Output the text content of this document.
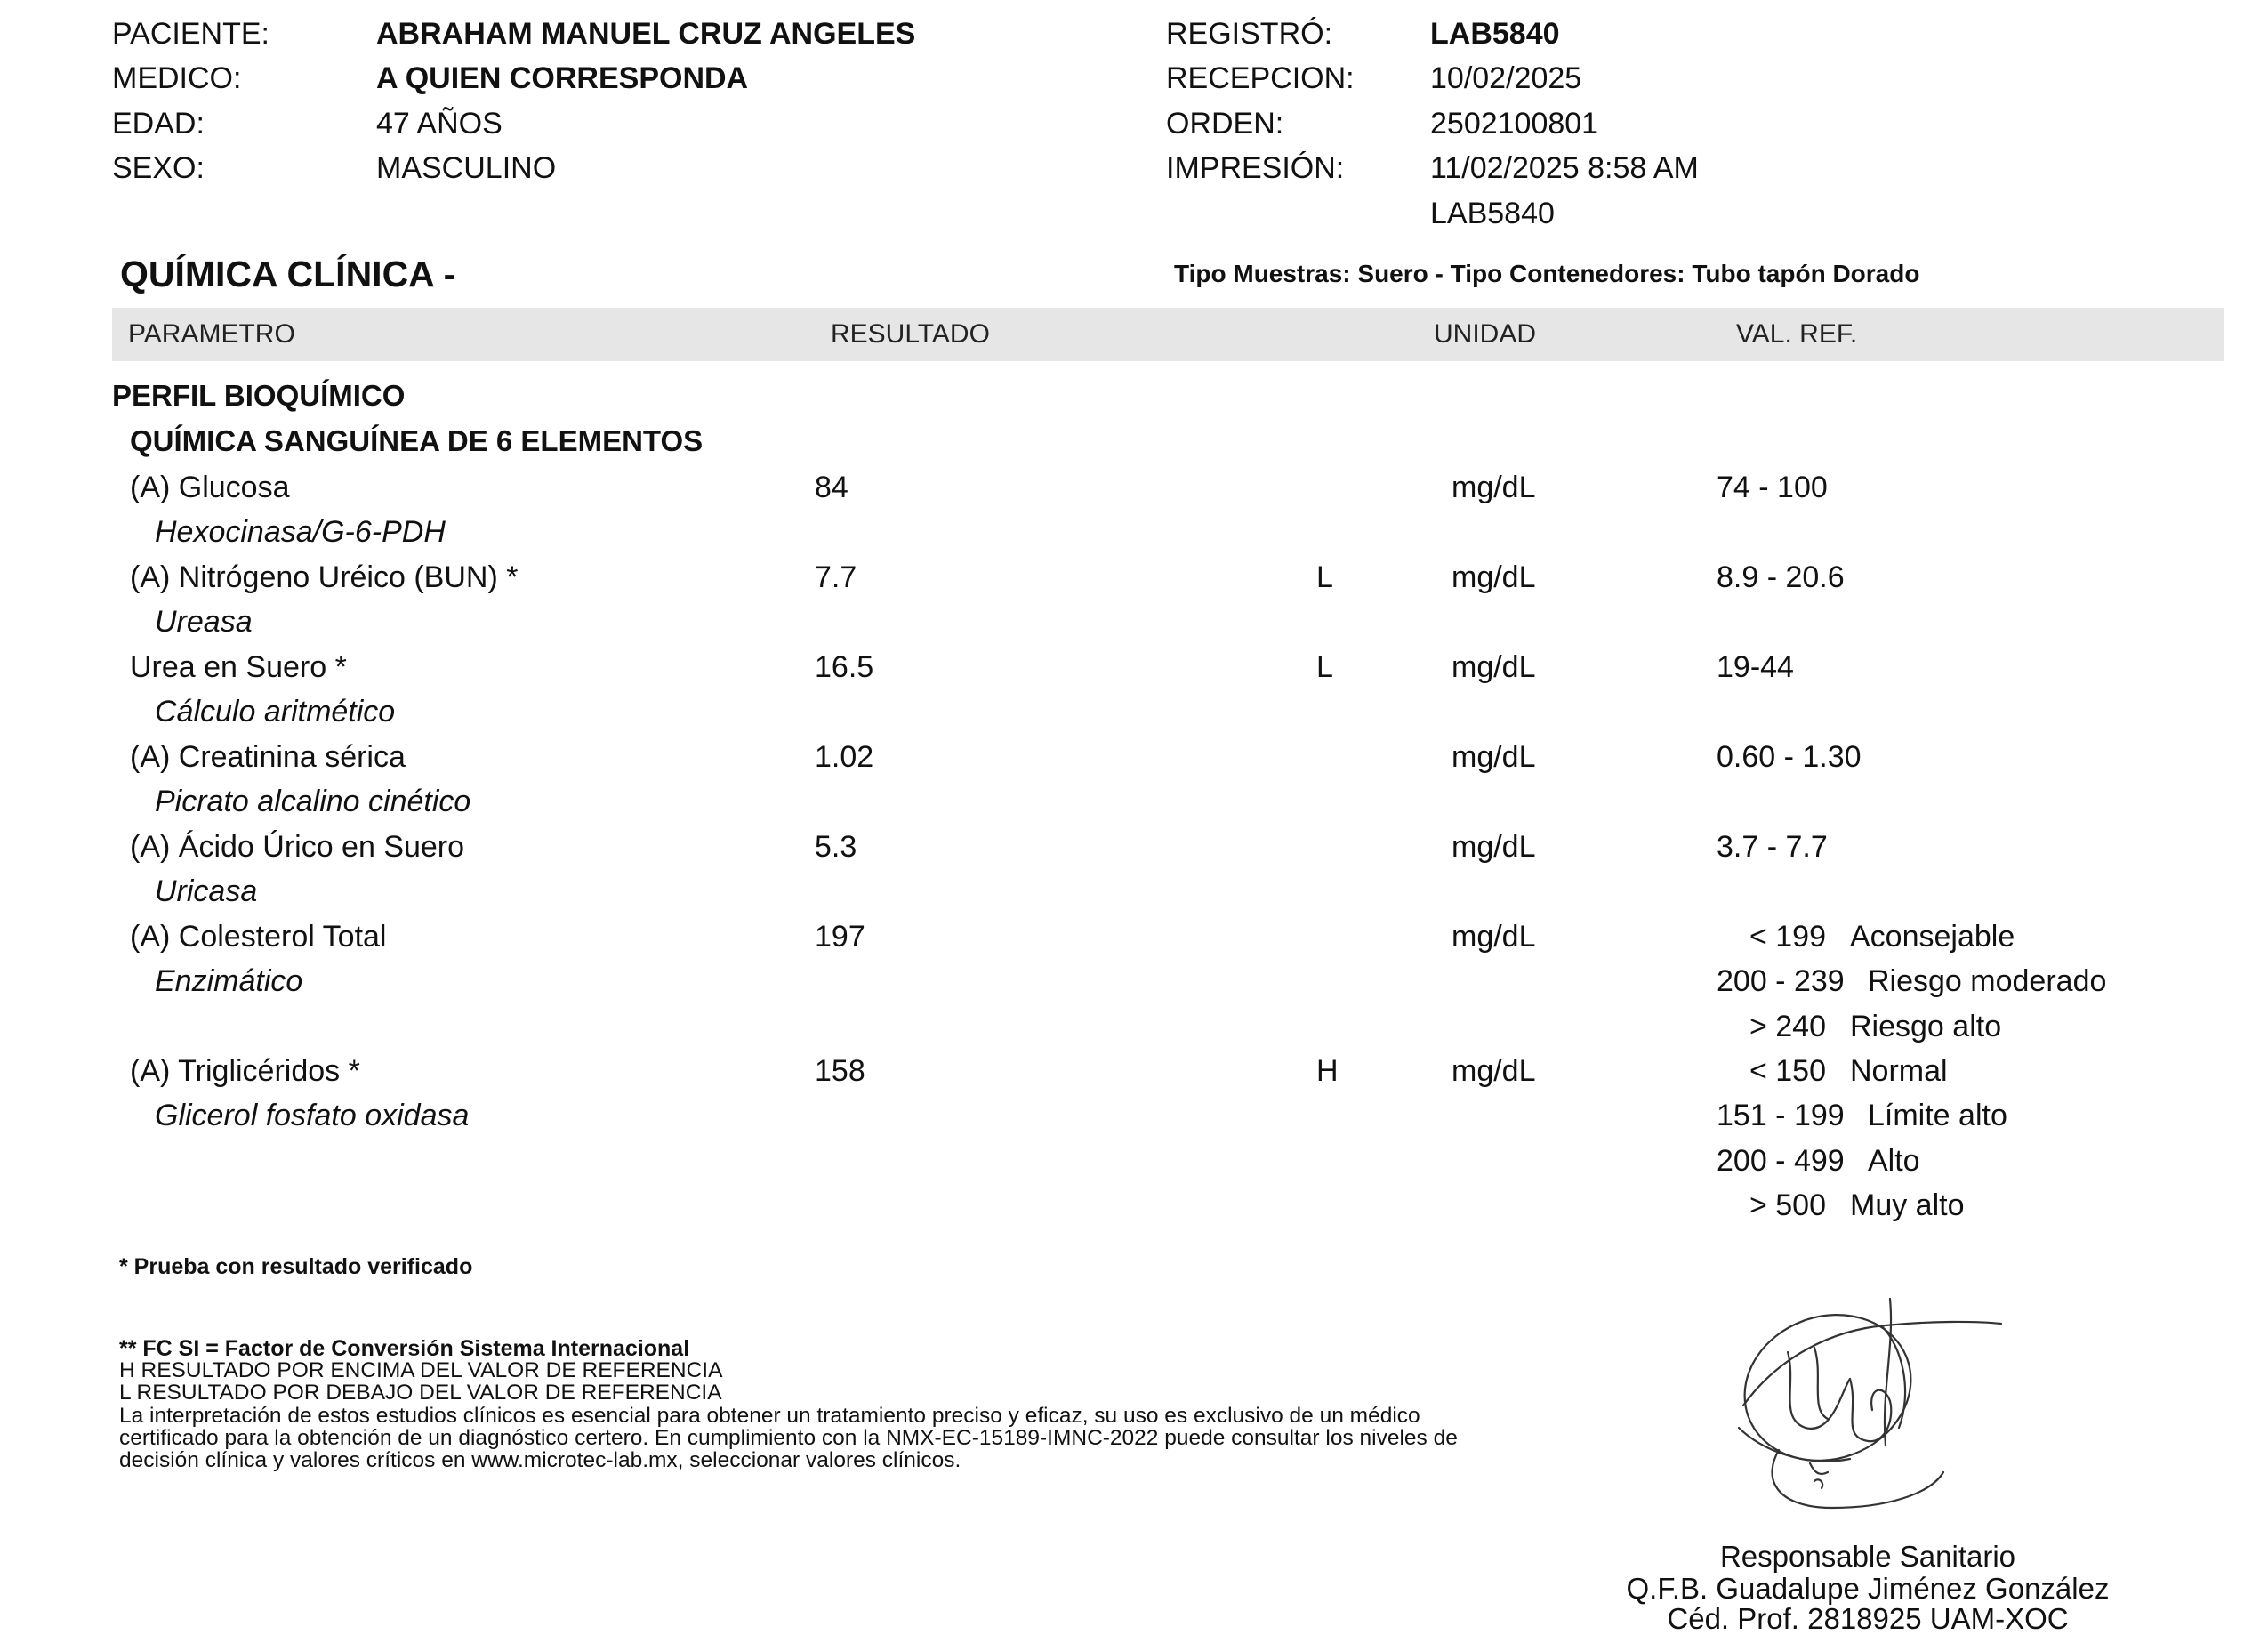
PACIENTE:	ABRAHAM MANUEL CRUZ ANGELES
MEDICO:	A QUIEN CORRESPONDA
EDAD:	47 AÑOS
SEXO:	MASCULINO
REGISTRÓ:	LAB5840
RECEPCION:	10/02/2025
ORDEN:	2502100801
IMPRESIÓN:	11/02/2025 8:58 AM
LAB5840
QUÍMICA CLÍNICA -	Tipo Muestras: Suero - Tipo Contenedores: Tubo tapón Dorado
PARAMETRO	RESULTADO	UNIDAD	VAL. REF.
PERFIL BIOQUÍMICO
QUÍMICA SANGUÍNEA DE 6 ELEMENTOS
(A) Glucosa	84	mg/dL	74 - 100
Hexocinasa/G-6-PDH
(A) Nitrógeno Uréico (BUN) *	7.7	L	mg/dL	8.9 - 20.6
Ureasa
Urea en Suero *	16.5	L	mg/dL	19-44
Cálculo aritmético
(A) Creatinina sérica	1.02	mg/dL	0.60 - 1.30
Picrato alcalino cinético
(A) Ácido Úrico en Suero	5.3	mg/dL	3.7 - 7.7
Uricasa
(A) Colesterol Total	197	mg/dL
Enzimático
< 199 Aconsejable
200 - 239 Riesgo moderado
> 240 Riesgo alto
(A) Triglicéridos *	158	H	mg/dL
Glicerol fosfato oxidasa
< 150 Normal
151 - 199 Límite alto
200 - 499 Alto
> 500 Muy alto
* Prueba con resultado verificado
** FC SI = Factor de Conversión Sistema Internacional
H RESULTADO POR ENCIMA DEL VALOR DE REFERENCIA
L RESULTADO POR DEBAJO DEL VALOR DE REFERENCIA
La interpretación de estos estudios clínicos es esencial para obtener un tratamiento preciso y eficaz, su uso es exclusivo de un médico
certificado para la obtención de un diagnóstico certero. En cumplimiento con la NMX-EC-15189-IMNC-2022 puede consultar los niveles de
decisión clínica y valores críticos en www.microtec-lab.mx, seleccionar valores clínicos.
Responsable Sanitario
Q.F.B. Guadalupe Jiménez González
Céd. Prof. 2818925 UAM-XOC
